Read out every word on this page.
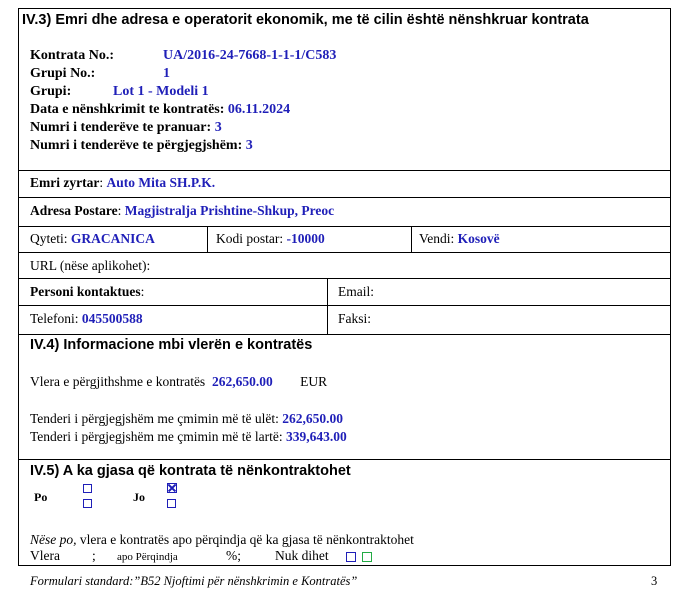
IV.3) Emri dhe adresa e operatorit ekonomik, me të cilin është nënshkruar kontrata
Kontrata No.:	UA/2016-24-7668-1-1-1/C583
Grupi No.:	1
Grupi:	Lot 1 - Modeli 1
Data e nënshkrimit te kontratës: 06.11.2024
Numri i tenderëve te pranuar: 3
Numri i tenderëve te përgjegjshëm: 3
Emri zyrtar: Auto Mita SH.P.K.
Adresa Postare: Magjistralja Prishtine-Shkup, Preoc
Qyteti: GRACANICA	Kodi postar: -10000	Vendi: Kosovë
URL (nëse aplikohet):
Personi kontaktues:	Email:
Telefoni: 045500588	Faksi:
IV.4) Informacione mbi vlerën e kontratës
Vlera e përgjithshme e kontratës 262,650.00 EUR
Tenderi i përgjegjshëm me çmimin më të ulët: 262,650.00
Tenderi i përgjegjshëm me çmimin më të lartë: 339,643.00
IV.5) A ka gjasa që kontrata të nënkontraktohet
Po	Jo
Nëse po, vlera e kontratës apo përqindja që ka gjasa të nënkontraktohet
Vlera ; apo Përqindja	%;	Nuk dihet
Formulari standard:”B52 Njoftimi për nënshkrimin e Kontratës”	3
